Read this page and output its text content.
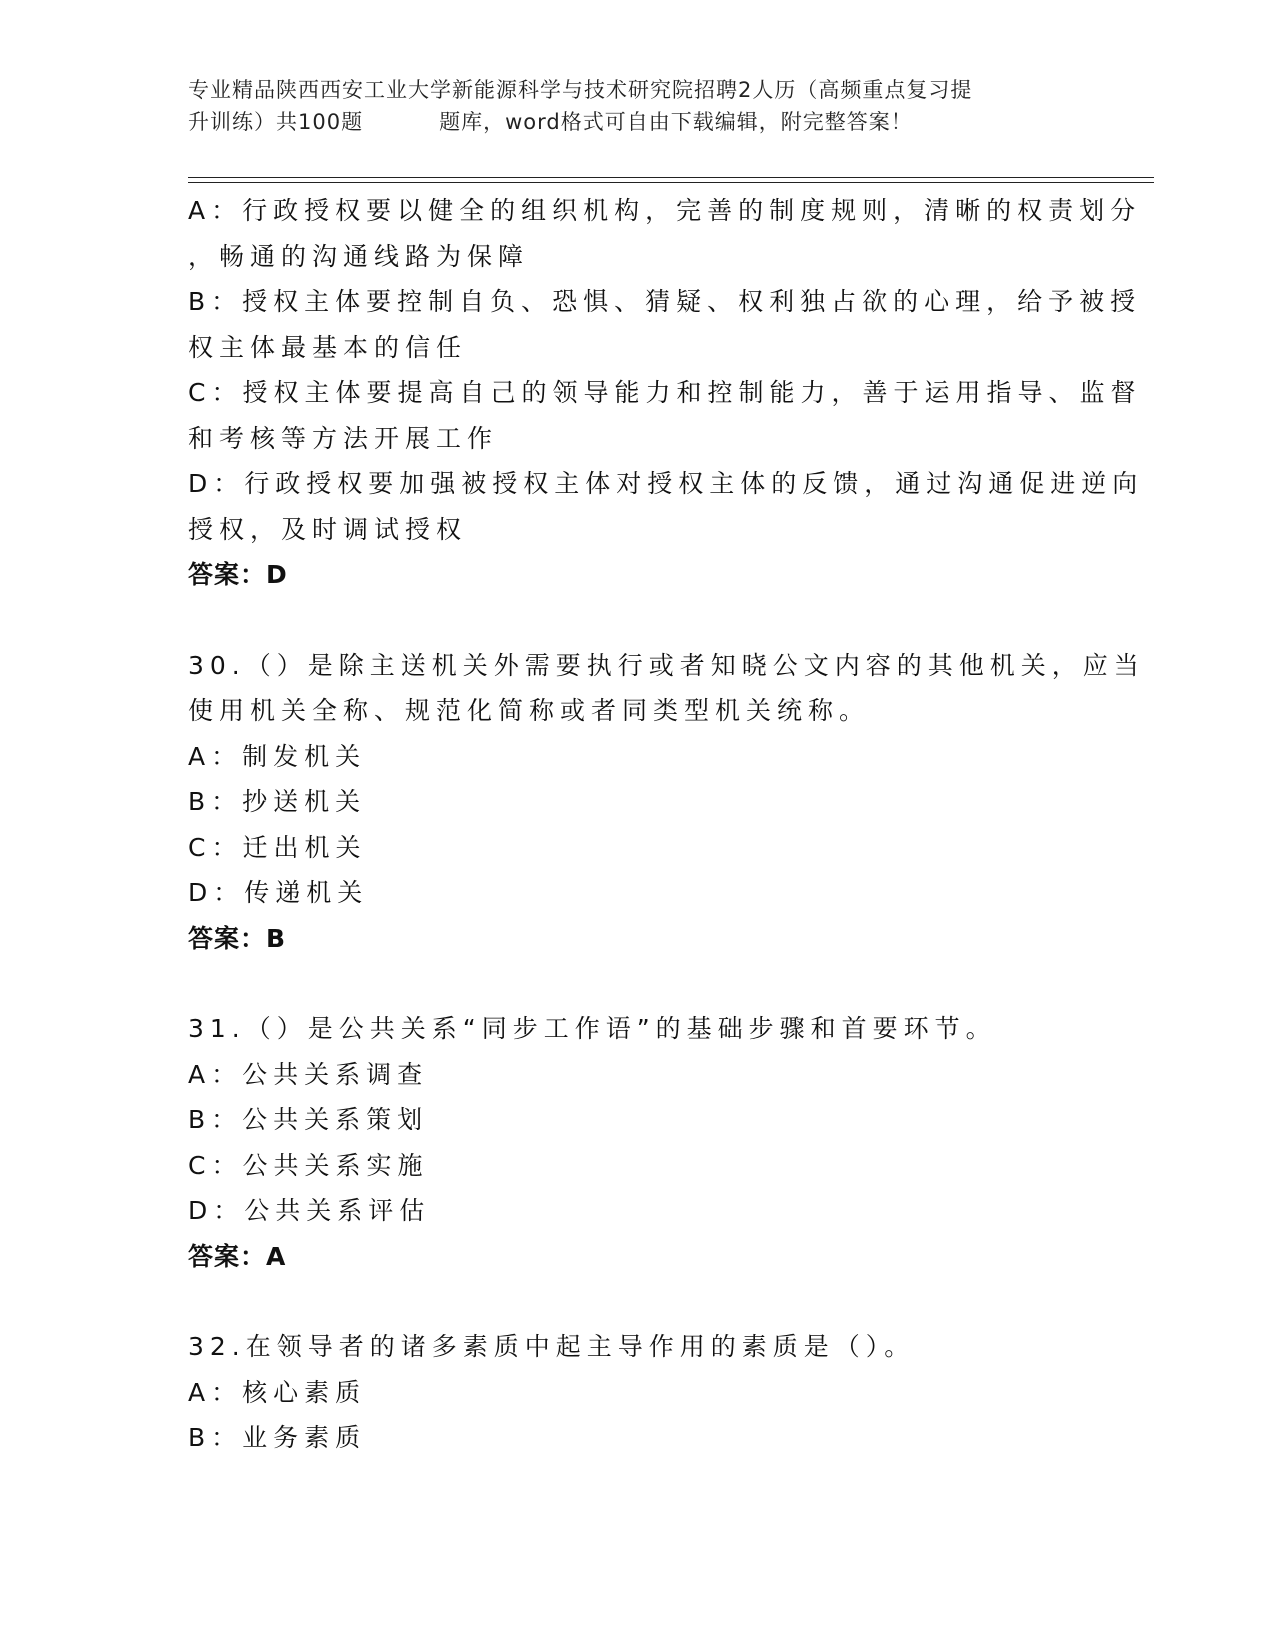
专业精品陕西西安工业大学新能源科学与技术研究院招聘2人历（高频重点复习提
升训练）共100题	题库，word格式可自由下载编辑，附完整答案！
A：行政授权要以健全的组织机构，完善的制度规则，清晰的权责划分
，畅通的沟通线路为保障
B：授权主体要控制自负、恐惧、猜疑、权利独占欲的心理，给予被授
权主体最基本的信任
C：授权主体要提高自己的领导能力和控制能力，善于运用指导、监督
和考核等方法开展工作
D：行政授权要加强被授权主体对授权主体的反馈，通过沟通促进逆向
授权，及时调试授权
答案：D
30.（）是除主送机关外需要执行或者知晓公文内容的其他机关，应当
使用机关全称、规范化简称或者同类型机关统称。
A：制发机关
B：抄送机关
C：迁出机关
D：传递机关
答案：B
31.（）是公共关系“同步工作语”的基础步骤和首要环节。
A：公共关系调查
B：公共关系策划
C：公共关系实施
D：公共关系评估
答案：A
32.在领导者的诸多素质中起主导作用的素质是（）。
A：核心素质
B：业务素质
